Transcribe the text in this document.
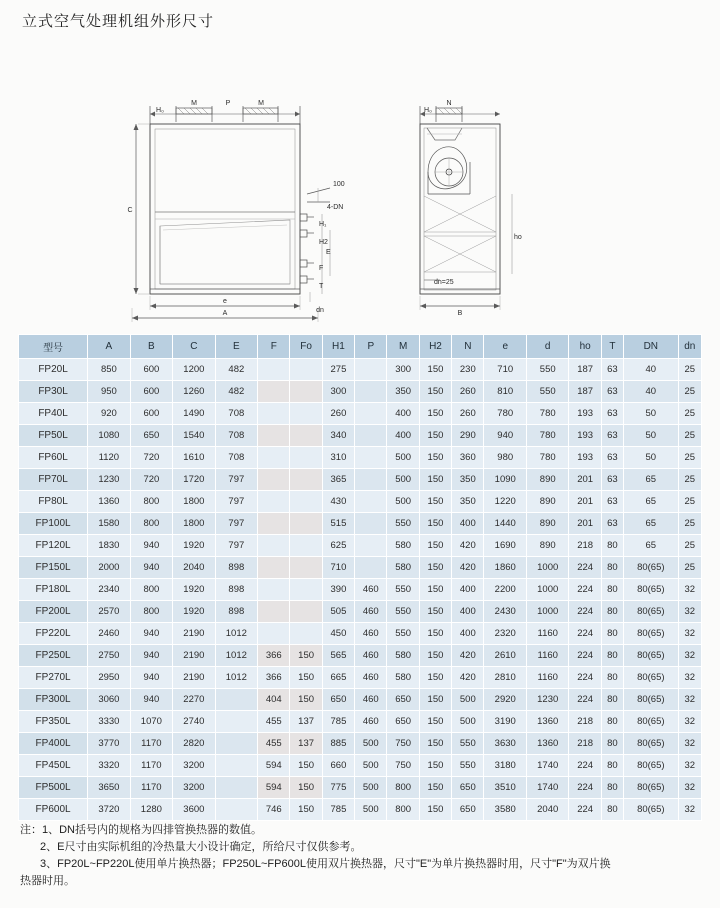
立式空气处理机组外形尺寸
H₀
M	P	M
C
e
A	dn
100
4-DN
H₁
H2
E
F
T
H₀
N
B
dn=25
ho
型号	A	B	C	E	F	Fo	H1	P	M	H2	N	e	d	ho	T	DN	dn
FP20L	850	600	1200	482			275		300	150	230	710	550	187	63	40	25
FP30L	950	600	1260	482			300		350	150	260	810	550	187	63	40	25
FP40L	920	600	1490	708			260		400	150	260	780	780	193	63	50	25
FP50L	1080	650	1540	708			340		400	150	290	940	780	193	63	50	25
FP60L	1120	720	1610	708			310		500	150	360	980	780	193	63	50	25
FP70L	1230	720	1720	797			365		500	150	350	1090	890	201	63	65	25
FP80L	1360	800	1800	797			430		500	150	350	1220	890	201	63	65	25
FP100L	1580	800	1800	797			515		550	150	400	1440	890	201	63	65	25
FP120L	1830	940	1920	797			625		580	150	420	1690	890	218	80	65	25
FP150L	2000	940	2040	898			710		580	150	420	1860	1000	224	80	80(65)	25
FP180L	2340	800	1920	898			390	460	550	150	400	2200	1000	224	80	80(65)	32
FP200L	2570	800	1920	898			505	460	550	150	400	2430	1000	224	80	80(65)	32
FP220L	2460	940	2190	1012			450	460	550	150	400	2320	1160	224	80	80(65)	32
FP250L	2750	940	2190	1012	366	150	565	460	580	150	420	2610	1160	224	80	80(65)	32
FP270L	2950	940	2190	1012	366	150	665	460	580	150	420	2810	1160	224	80	80(65)	32
FP300L	3060	940	2270		404	150	650	460	650	150	500	2920	1230	224	80	80(65)	32
FP350L	3330	1070	2740		455	137	785	460	650	150	500	3190	1360	218	80	80(65)	32
FP400L	3770	1170	2820		455	137	885	500	750	150	550	3630	1360	218	80	80(65)	32
FP450L	3320	1170	3200		594	150	660	500	750	150	550	3180	1740	224	80	80(65)	32
FP500L	3650	1170	3200		594	150	775	500	800	150	650	3510	1740	224	80	80(65)	32
FP600L	3720	1280	3600		746	150	785	500	800	150	650	3580	2040	224	80	80(65)	32
注：1、DN括号内的规格为四排管换热器的数值。
2、E尺寸由实际机组的冷热量大小设计确定，所给尺寸仅供参考。
3、FP20L~FP220L使用单片换热器；FP250L~FP600L使用双片换热器，尺寸"E"为单片换热器时用，尺寸"F"为双片换
热器时用。
